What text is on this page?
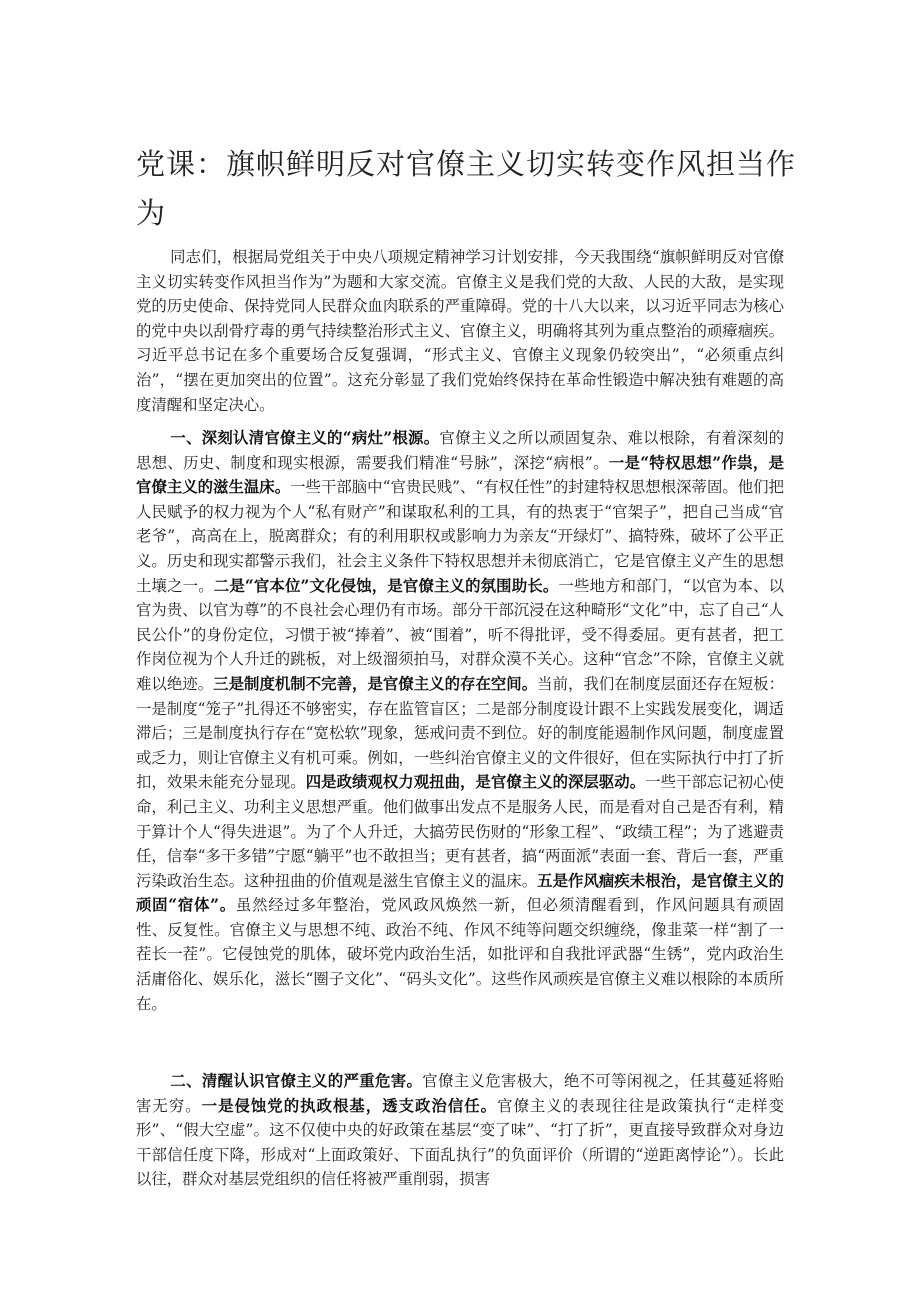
党课：旗帜鲜明反对官僚主义切实转变作风担当作为

同志们，根据局党组关于中央八项规定精神学习计划安排，今天我围绕“旗帜鲜明反对官僚主义切实转变作风担当作为”为题和大家交流。官僚主义是我们党的大敌、人民的大敌，是实现党的历史使命、保持党同人民群众血肉联系的严重障碍。党的十八大以来，以习近平同志为核心的党中央以刮骨疗毒的勇气持续整治形式主义、官僚主义，明确将其列为重点整治的顽瘴痼疾。习近平总书记在多个重要场合反复强调，“形式主义、官僚主义现象仍较突出”，“必须重点纠治”，“摆在更加突出的位置”。这充分彰显了我们党始终保持在革命性锻造中解决独有难题的高度清醒和坚定决心。

一、深刻认清官僚主义的“病灶”根源。官僚主义之所以顽固复杂、难以根除，有着深刻的思想、历史、制度和现实根源，需要我们精准“号脉”，深挖“病根”。一是“特权思想”作祟，是官僚主义的滋生温床。一些干部脑中“官贵民贱”、“有权任性”的封建特权思想根深蒂固。他们把人民赋予的权力视为个人“私有财产”和谋取私利的工具，有的热衷于“官架子”，把自己当成“官老爷”，高高在上，脱离群众；有的利用职权或影响力为亲友“开绿灯”、搞特殊，破坏了公平正义。历史和现实都警示我们，社会主义条件下特权思想并未彻底消亡，它是官僚主义产生的思想土壤之一。二是“官本位”文化侵蚀，是官僚主义的氛围助长。一些地方和部门，“以官为本、以官为贵、以官为尊”的不良社会心理仍有市场。部分干部沉浸在这种畸形“文化”中，忘了自己“人民公仆”的身份定位，习惯于被“捧着”、被“围着”，听不得批评，受不得委屈。更有甚者，把工作岗位视为个人升迁的跳板，对上级溜须拍马，对群众漠不关心。这种“官念”不除，官僚主义就难以绝迹。三是制度机制不完善，是官僚主义的存在空间。当前，我们在制度层面还存在短板：一是制度“笼子”扎得还不够密实，存在监管盲区；二是部分制度设计跟不上实践发展变化，调适滞后；三是制度执行存在“宽松软”现象，惩戒问责不到位。好的制度能遏制作风问题，制度虚置或乏力，则让官僚主义有机可乘。例如，一些纠治官僚主义的文件很好，但在实际执行中打了折扣，效果未能充分显现。四是政绩观权力观扭曲，是官僚主义的深层驱动。一些干部忘记初心使命，利己主义、功利主义思想严重。他们做事出发点不是服务人民，而是看对自己是否有利，精于算计个人“得失进退”。为了个人升迁，大搞劳民伤财的“形象工程”、“政绩工程”；为了逃避责任，信奉“多干多错”宁愿“躺平”也不敢担当；更有甚者，搞“两面派”表面一套、背后一套，严重污染政治生态。这种扭曲的价值观是滋生官僚主义的温床。五是作风痼疾未根治，是官僚主义的顽固“宿体”。虽然经过多年整治，党风政风焕然一新，但必须清醒看到，作风问题具有顽固性、反复性。官僚主义与思想不纯、政治不纯、作风不纯等问题交织缠绕，像韭菜一样“割了一茬长一茬”。它侵蚀党的肌体，破坏党内政治生活，如批评和自我批评武器“生锈”，党内政治生活庸俗化、娱乐化，滋长“圈子文化”、“码头文化”。这些作风顽疾是官僚主义难以根除的本质所在。

二、清醒认识官僚主义的严重危害。官僚主义危害极大，绝不可等闲视之，任其蔓延将贻害无穷。一是侵蚀党的执政根基，透支政治信任。官僚主义的表现往往是政策执行“走样变形”、“假大空虚”。这不仅使中央的好政策在基层“变了味”、“打了折”，更直接导致群众对身边干部信任度下降，形成对“上面政策好、下面乱执行”的负面评价（所谓的“逆距离悖论”）。长此以往，群众对基层党组织的信任将被严重削弱，损害
